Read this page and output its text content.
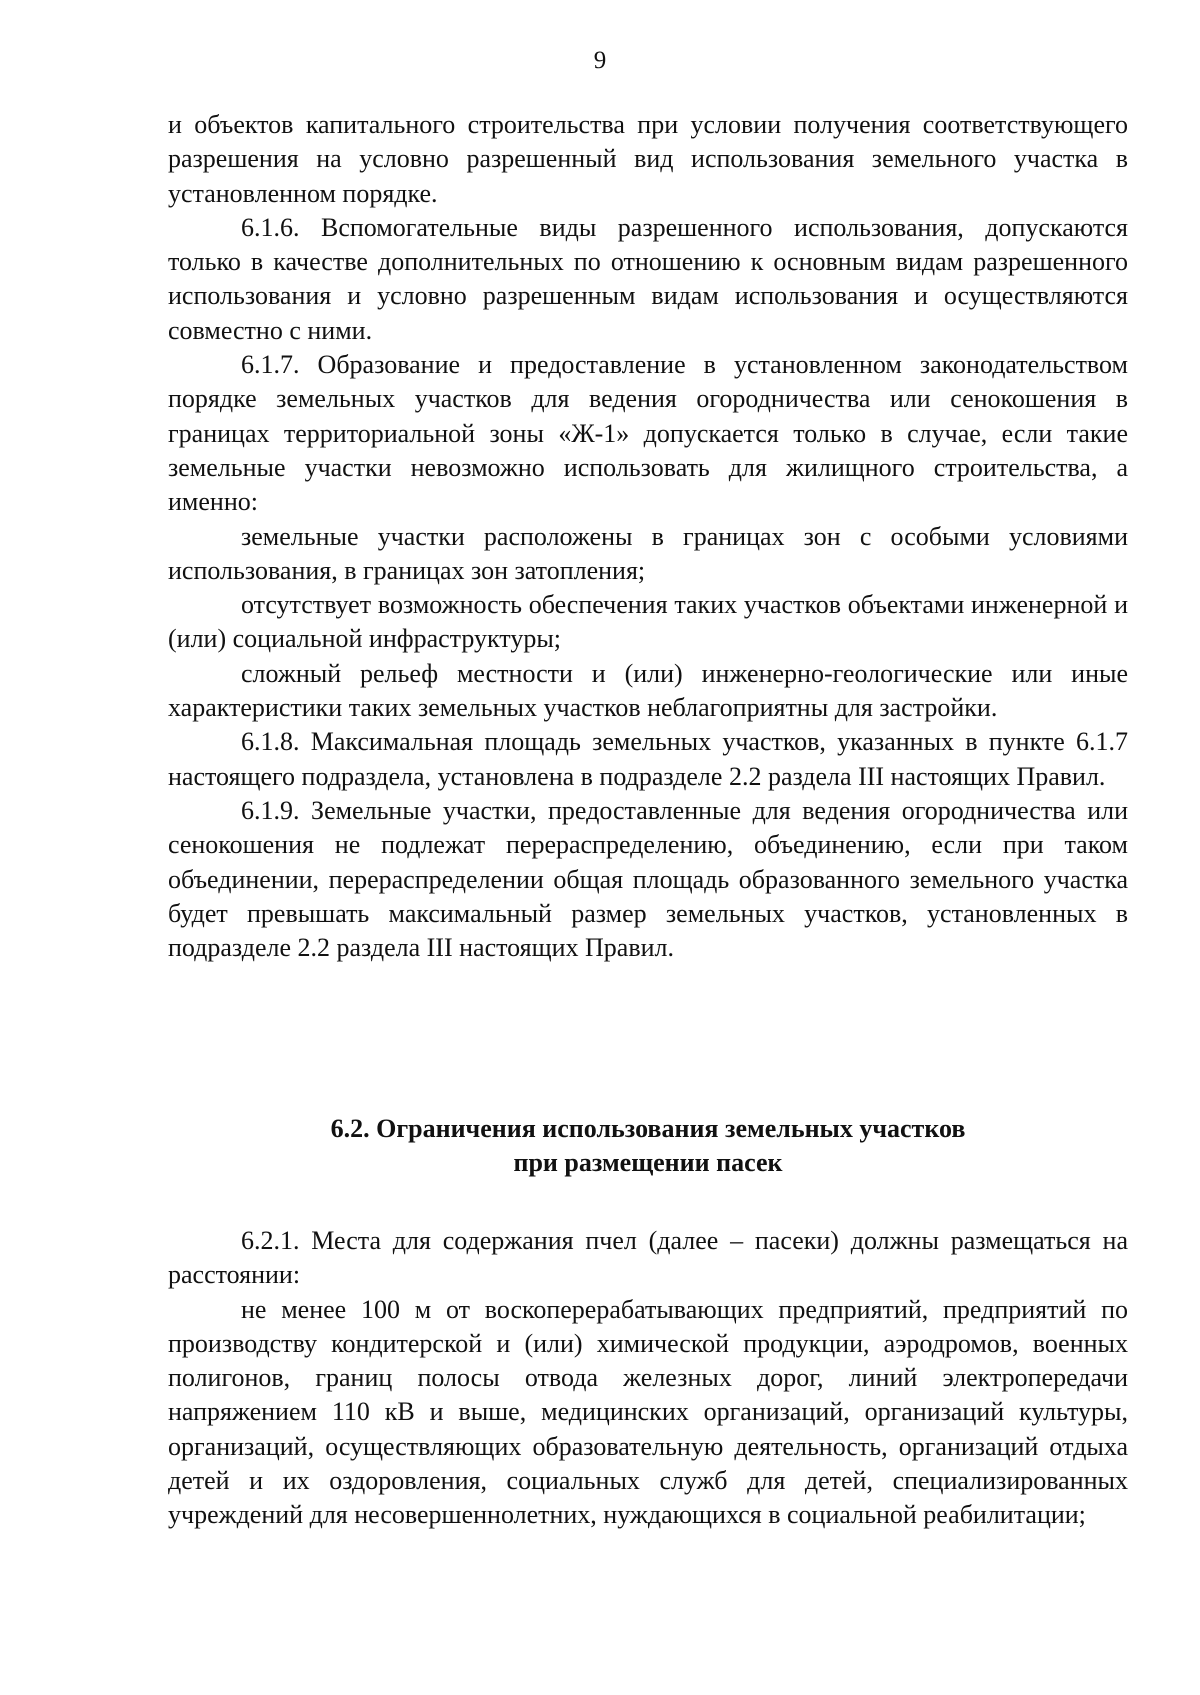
9

и объектов капитального строительства при условии получения соответствующего разрешения на условно разрешенный вид использования земельного участка в установленном порядке.

6.1.6. Вспомогательные виды разрешенного использования, допускаются только в качестве дополнительных по отношению к основным видам разрешенного использования и условно разрешенным видам использования и осуществляются совместно с ними.

6.1.7. Образование и предоставление в установленном законодательством порядке земельных участков для ведения огородничества или сенокошения в границах территориальной зоны «Ж-1» допускается только в случае, если такие земельные участки невозможно использовать для жилищного строительства, а именно:

земельные участки расположены в границах зон с особыми условиями использования, в границах зон затопления;

отсутствует возможность обеспечения таких участков объектами инженерной и (или) социальной инфраструктуры;

сложный рельеф местности и (или) инженерно-геологические или иные характеристики таких земельных участков неблагоприятны для застройки.

6.1.8. Максимальная площадь земельных участков, указанных в пункте 6.1.7 настоящего подраздела, установлена в подразделе 2.2 раздела III настоящих Правил.

6.1.9. Земельные участки, предоставленные для ведения огородничества или сенокошения не подлежат перераспределению, объединению, если при таком объединении, перераспределении общая площадь образованного земельного участка будет превышать максимальный размер земельных участков, установленных в подразделе 2.2 раздела III настоящих Правил.

6.2. Ограничения использования земельных участков
при размещении пасек

6.2.1. Места для содержания пчел (далее – пасеки) должны размещаться на расстоянии:

не менее 100 м от воскоперерабатывающих предприятий, предприятий по производству кондитерской и (или) химической продукции, аэродромов, военных полигонов, границ полосы отвода железных дорог, линий электропередачи напряжением 110 кВ и выше, медицинских организаций, организаций культуры, организаций, осуществляющих образовательную деятельность, организаций отдыха детей и их оздоровления, социальных служб для детей, специализированных учреждений для несовершеннолетних, нуждающихся в социальной реабилитации;
